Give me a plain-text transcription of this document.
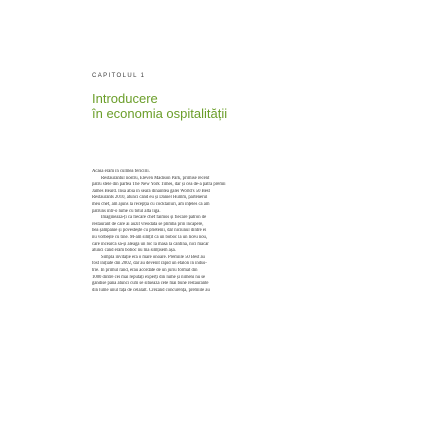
CAPITOLUL 1
Introducere
în economia ospitalității

Acasă eram în culmea fericirii.

Restaurantul nostru, Eleven Madison Park, primise recent
patru stele din partea The New York Times, dar și cea de-a patra premii
James Beard. Însă abia în seara dinaintea galei World's 50 Best
Restaurants 2010, atunci când eu și Daniel Humm, partenerul
meu chef, am ajuns la recepția cu cocktailuri, am înțeles că am
pătruns într-o lume cu totul altă ligă.

Imaginează-ți că fiecare chef faimos și fiecare patron de
restaurant de care ai auzit vreodată se plimbă prin încăpere,
bea șampanie și povestește cu prietenii, dar niciunul dintre ei
nu vorbește cu tine. M-am simțit ca un boboc la un liceu nou,
care încearcă să-și aleagă un loc la masă la cantină, nici măcar
atunci când eram boboc nu mă simțisem așa.

Simpla invitație era o mare onoare. Premiile 50 Best au
fost inițiate din 2002, dar au devenit rapid un etalon în indus-
trie. În primul rând, erau acordate de un juriu format din
1000 dintre cei mai reputați experți din lume și nimeni nu se
gândise până atunci cum se situează cele mai bune restaurante
din lume unul față de celălalt. Crezând concurența, premiile au
